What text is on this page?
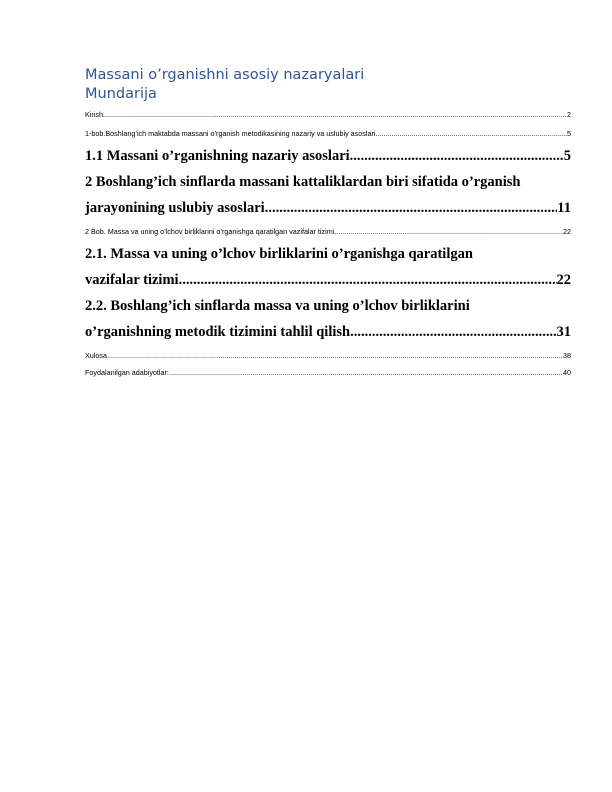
Massani o’rganishni asosiy nazaryalari
Mundarija
Kirish .....	2
1-bob.Boshlang’ich maktabda massani o’rganish metodikasining nazariy va uslubiy asoslari .....	5
1.1 Massani o’rganishning nazariy asoslari .....	5
2 Boshlang’ich sinflarda massani kattaliklardan biri sifatida o’rganish
jarayonining uslubiy asoslari .....	11
2 Bob. Massa va uning o’lchov birliklarini o’rganishga qaratilgan vazifalar tizimi .....	22
2.1. Massa va uning o’lchov birliklarini o’rganishga qaratilgan
vazifalar tizimi .....	22
2.2. Boshlang’ich sinflarda massa va uning o’lchov birliklarini
o’rganishning metodik tizimini tahlil qilish .....	31
Xulosa .....	38
Foydalanilgan adabiyotlar: .....	40
